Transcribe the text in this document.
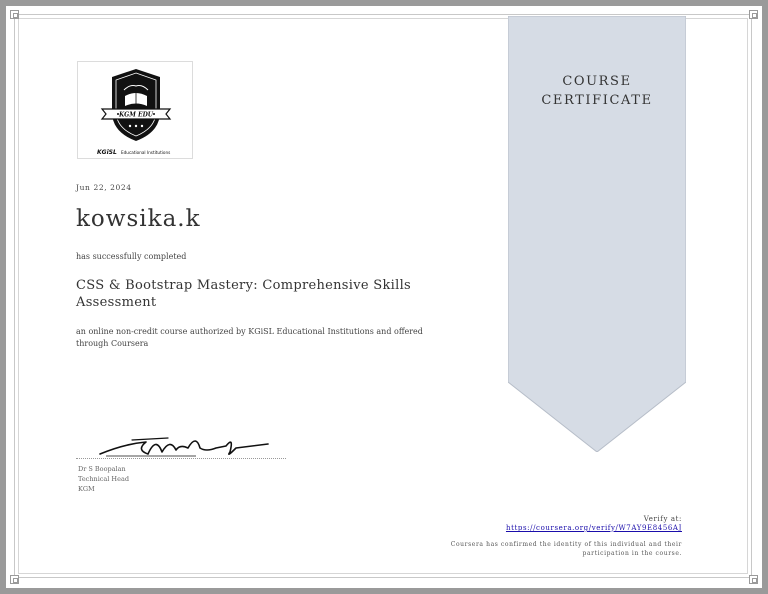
KGM EDU
KGiSL Educational Institutions
Jun 22, 2024
kowsika.k
has successfully completed
CSS & Bootstrap Mastery: Comprehensive Skills Assessment
an online non-credit course authorized by KGiSL Educational Institutions and offered through Coursera
Dr S Boopalan
Technical Head
KGM
COURSE
CERTIFICATE
Verify at:
https://coursera.org/verify/W7AY9E8456AJ
Coursera has confirmed the identity of this individual and their participation in the course.
